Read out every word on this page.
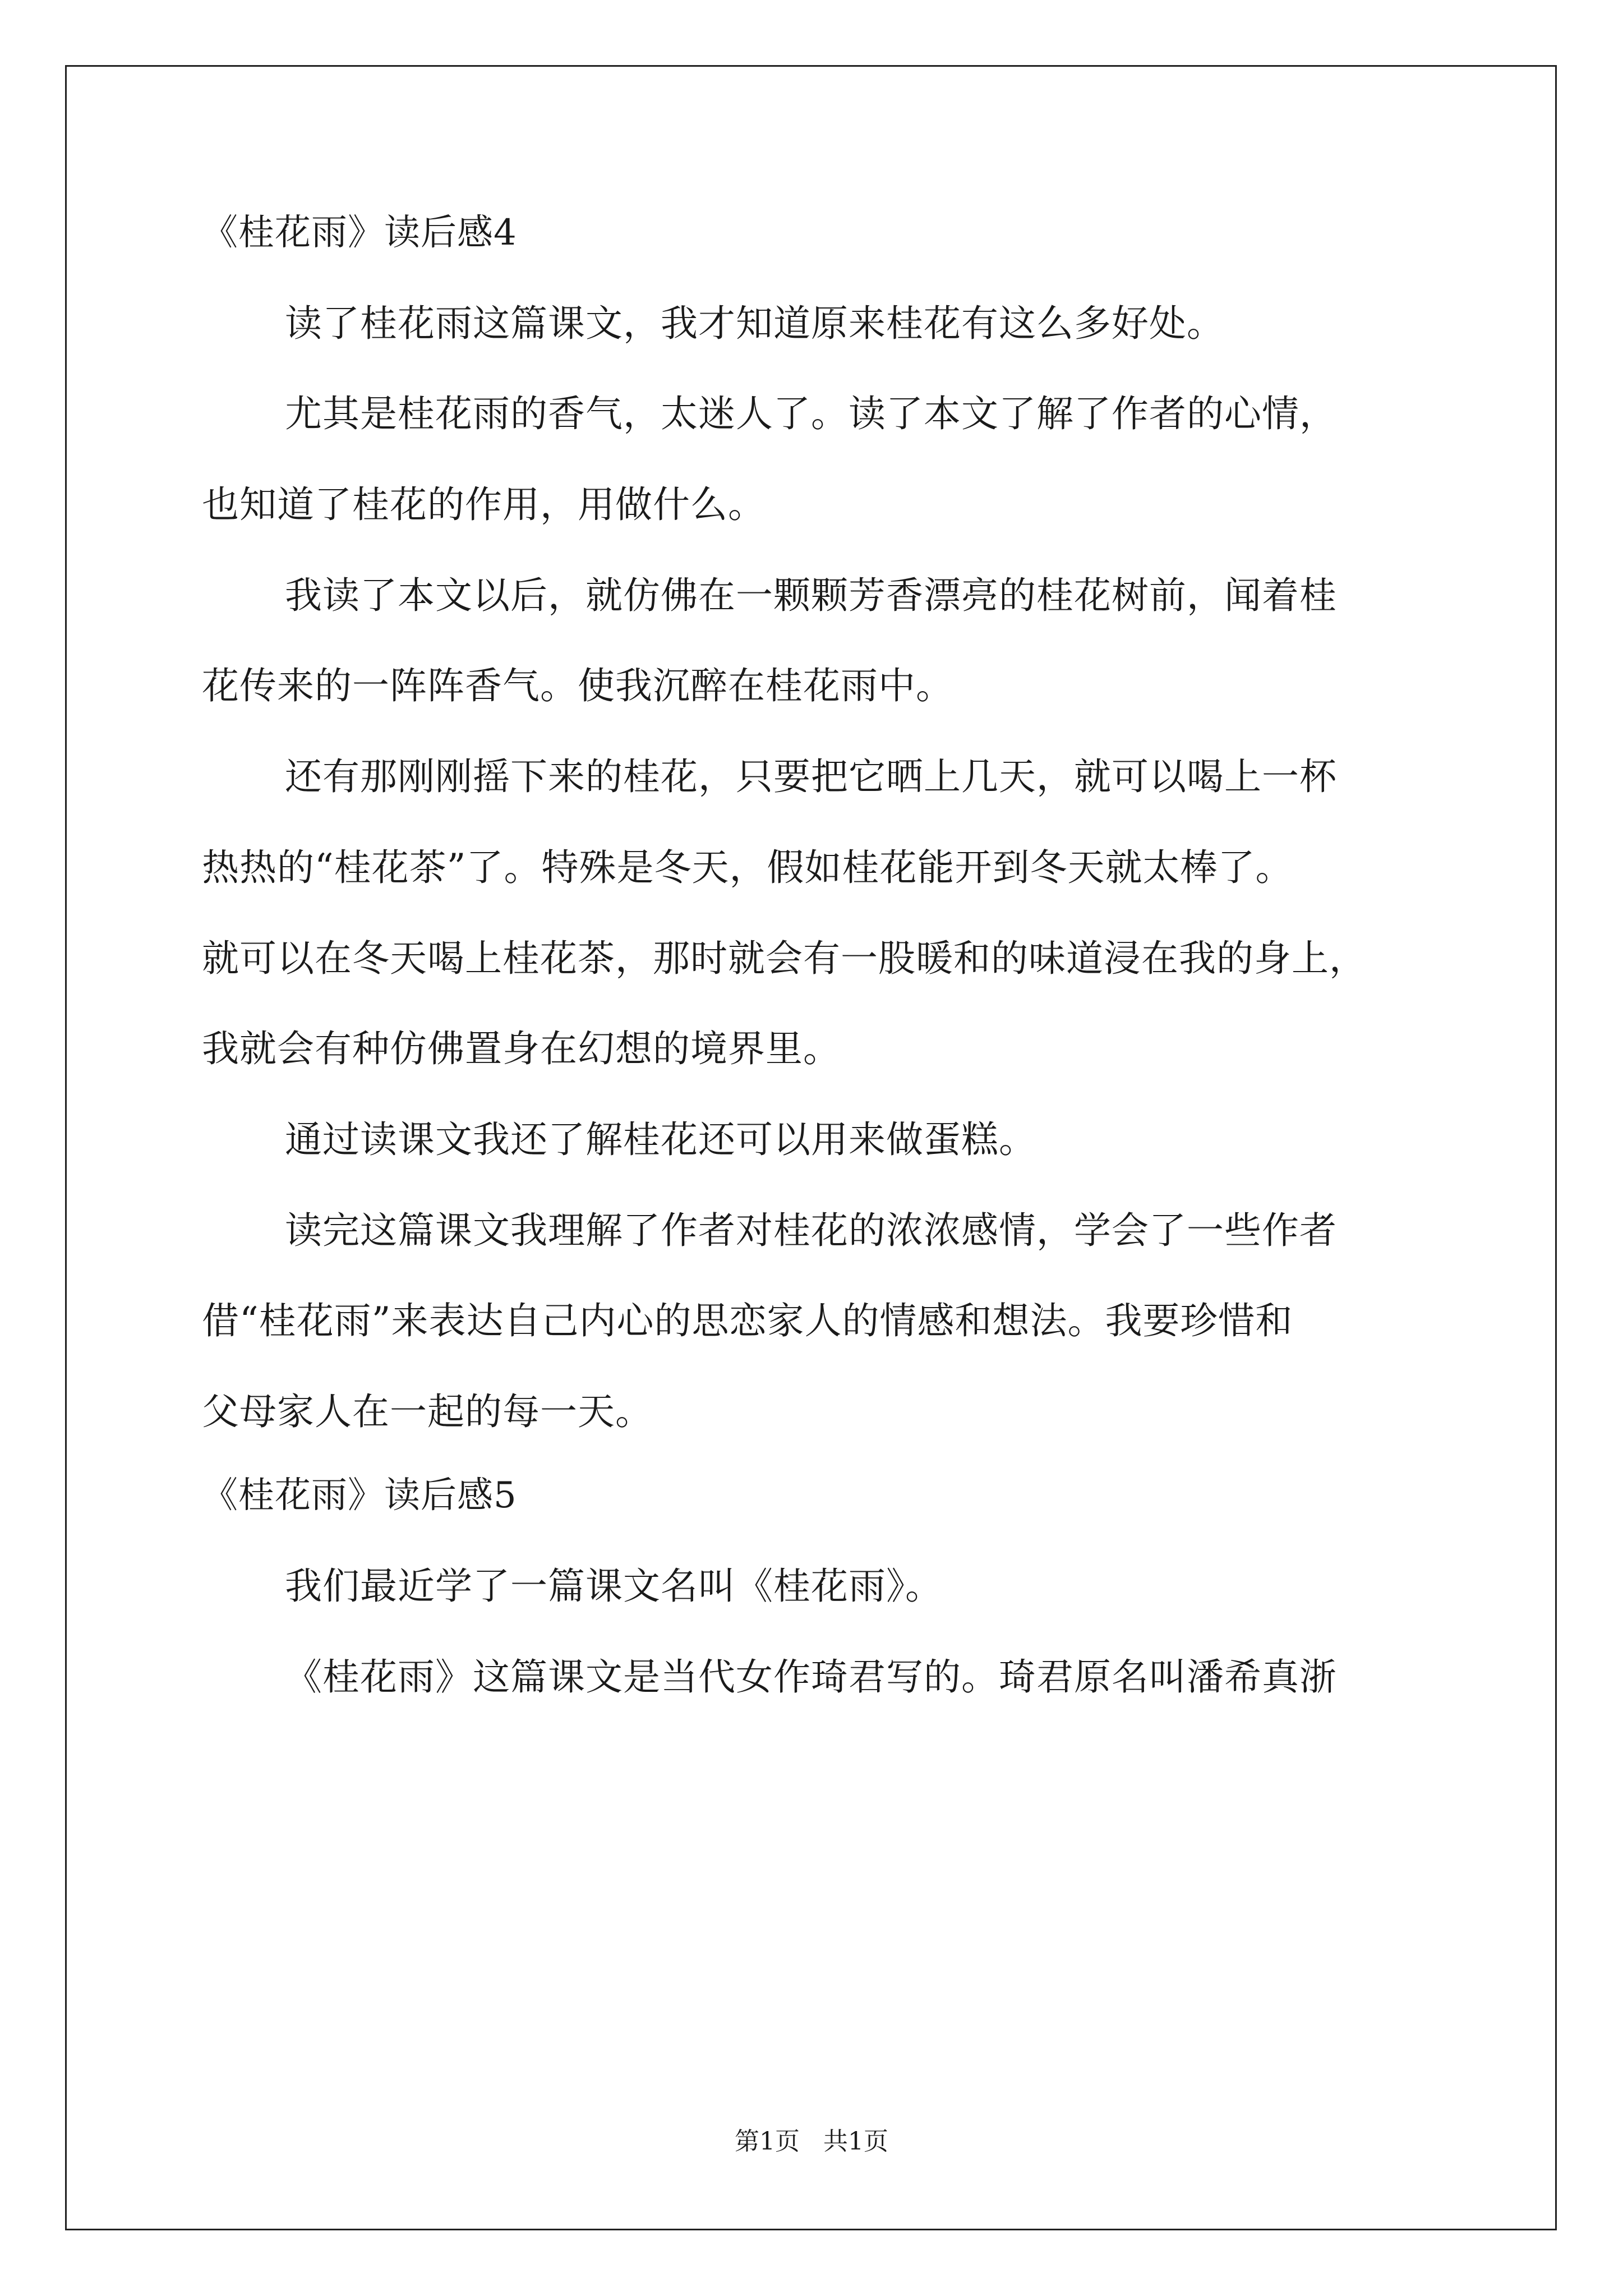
《桂花雨》读后感4
读了桂花雨这篇课文，我才知道原来桂花有这么多好处。
尤其是桂花雨的香气，太迷人了。读了本文了解了作者的心情，
也知道了桂花的作用，用做什么。
我读了本文以后，就仿佛在一颗颗芳香漂亮的桂花树前，闻着桂
花传来的一阵阵香气。使我沉醉在桂花雨中。
还有那刚刚摇下来的桂花，只要把它晒上几天，就可以喝上一杯
热热的“桂花茶”了。特殊是冬天，假如桂花能开到冬天就太棒了。
就可以在冬天喝上桂花茶，那时就会有一股暖和的味道浸在我的身上，
我就会有种仿佛置身在幻想的境界里。
通过读课文我还了解桂花还可以用来做蛋糕。
读完这篇课文我理解了作者对桂花的浓浓感情，学会了一些作者
借“桂花雨”来表达自己内心的思恋家人的情感和想法。我要珍惜和
父母家人在一起的每一天。
《桂花雨》读后感5
我们最近学了一篇课文名叫《桂花雨》。
《桂花雨》这篇课文是当代女作琦君写的。琦君原名叫潘希真浙
第1页   共1页
